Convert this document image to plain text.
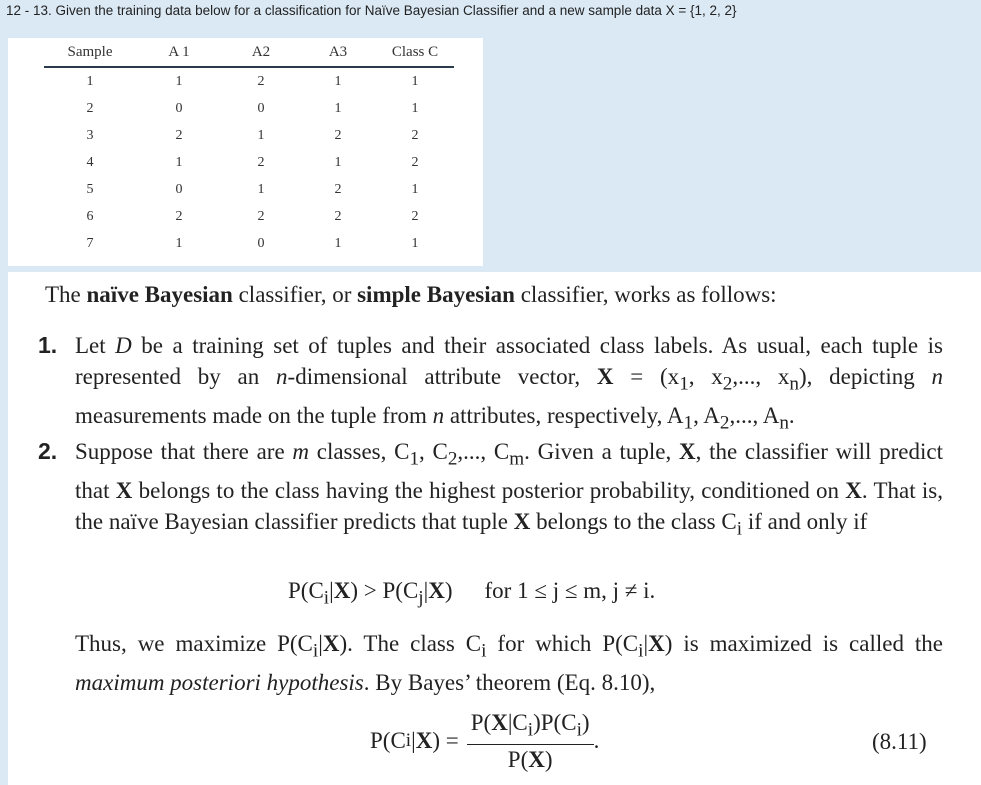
12 - 13. Given the training data below for a classification for Naïve Bayesian Classifier and a new sample data X = {1, 2, 2}
Sample	A 1	A2	A3	Class C
1	1	2	1	1
2	0	0	1	1
3	2	1	2	2
4	1	2	1	2
5	0	1	2	1
6	2	2	2	2
7	1	0	1	1
The naïve Bayesian classifier, or simple Bayesian classifier, works as follows:
1. Let D be a training set of tuples and their associated class labels. As usual, each tuple is represented by an n-dimensional attribute vector, $X = (x_1$, $x_2$,..., $x_n$), depicting n measurements made on the tuple from n attributes, respectively, $A_1$, $A_2$,..., $A_n$.
2. Suppose that there are m classes, $C_1$, $C_2$,..., $C_m$. Given a tuple, X, the classifier will predict that X belongs to the class having the highest posterior probability, conditioned on X. That is, the naïve Bayesian classifier predicts that tuple X belongs to the class $C_i$ if and only if
$P(C_i|X) > P(C_j|X)$ for 1 ≤ j ≤ m, j ≠ i.
Thus, we maximize $P(C_i|X)$. The class $C_i$ for which $P(C_i|X)$ is maximized is called the maximum posteriori hypothesis. By Bayes’ theorem (Eq. 8.10),
P(C i | X ) = $\frac{P(X|C_i)P(C_i)}{P(X)}$ .	(8.11)
